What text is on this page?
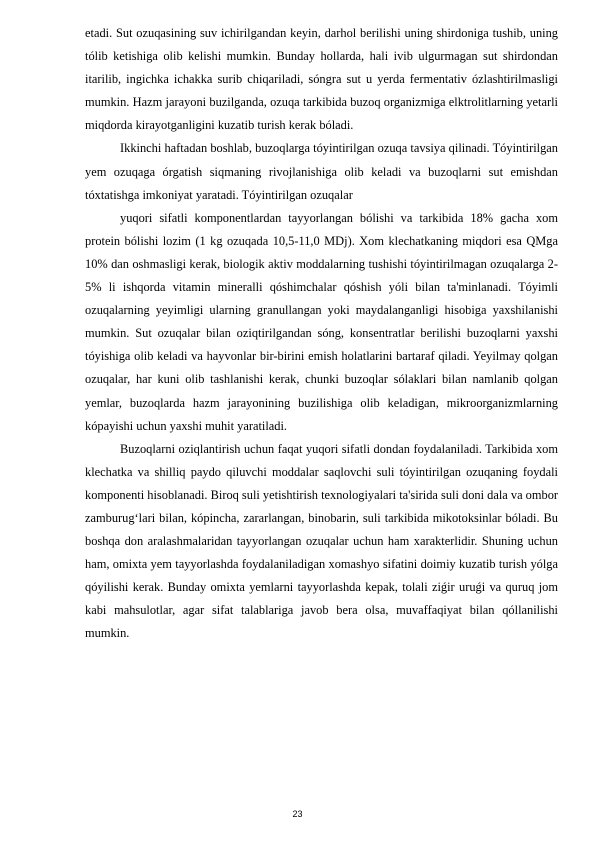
etadi. Sut ozuqasining suv ichirilgandan keyin, darhol berilishi uning shirdoniga tushib, uning tólib ketishiga olib kelishi mumkin. Bunday hollarda, hali ivib ulgurmagan sut shirdondan itarilib, ingichka ichakka surib chiqariladi, sóngra sut u yerda fermentativ ózlashtirilmasligi mumkin. Hazm jarayoni buzilganda, ozuqa tarkibida buzoq organizmiga elktrolitlarning yetarli miqdorda kirayotganligini kuzatib turish kerak bóladi.

Ikkinchi haftadan boshlab, buzoqlarga tóyintirilgan ozuqa tavsiya qilinadi. Tóyintirilgan yem ozuqaga órgatish siqmaning rivojlanishiga olib keladi va buzoqlarni sut emishdan tóxtatishga imkoniyat yaratadi. Tóyintirilgan ozuqalar

yuqori sifatli komponentlardan tayyorlangan bólishi va tarkibida 18% gacha xom protein bólishi lozim (1 kg ozuqada 10,5-11,0 MDj). Xom klechatkaning miqdori esa QMga 10% dan oshmasligi kerak, biologik aktiv moddalarning tushishi tóyintirilmagan ozuqalarga 2-5% li ishqorda vitamin mineralli qóshimchalar qóshish yóli bilan ta'minlanadi. Tóyimli ozuqalarning yeyimligi ularning granullangan yoki maydalanganligi hisobiga yaxshilanishi mumkin. Sut ozuqalar bilan oziqtirilgandan sóng, konsentratlar berilishi buzoqlarni yaxshi tóyishiga olib keladi va hayvonlar bir-birini emish holatlarini bartaraf qiladi. Yeyilmay qolgan ozuqalar, har kuni olib tashlanishi kerak, chunki buzoqlar sólaklari bilan namlanib qolgan yemlar, buzoqlarda hazm jarayonining buzilishiga olib keladigan, mikroorganizmlarning kópayishi uchun yaxshi muhit yaratiladi.

Buzoqlarni oziqlantirish uchun faqat yuqori sifatli dondan foydalaniladi. Tarkibida xom klechatka va shilliq paydo qiluvchi moddalar saqlovchi suli tóyintirilgan ozuqaning foydali komponenti hisoblanadi. Biroq suli yetishtirish texnologiyalari ta'sirida suli doni dala va ombor zamburug‘lari bilan, kópincha, zararlangan, binobarin, suli tarkibida mikotoksinlar bóladi. Bu boshqa don aralashmalaridan tayyorlangan ozuqalar uchun ham xarakterlidir. Shuning uchun ham, omixta yem tayyorlashda foydalaniladigan xomashyo sifatini doimiy kuzatib turish yólga qóyilishi kerak. Bunday omixta yemlarni tayyorlashda kepak, tolali ziǵir uruǵi va quruq jom kabi mahsulotlar, agar sifat talablariga javob bera olsa, muvaffaqiyat bilan qóllanilishi mumkin.

23
